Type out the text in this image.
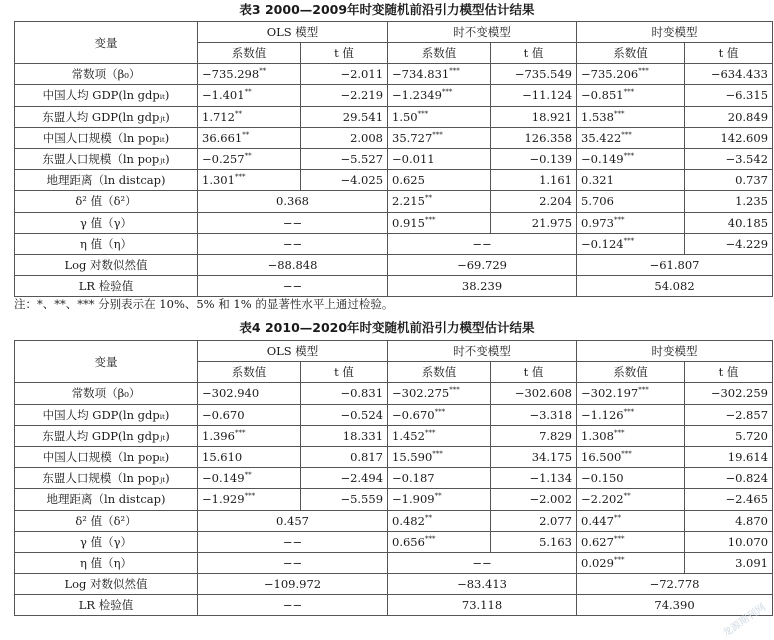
表3 2000—2009年时变随机前沿引力模型估计结果
变量	OLS 模型		时不变模型		时变模型	
	系数值	t 值	系数值	t 值	系数值	t 值
常数项（β₀）	−735.298**	−2.011	−734.831***	−735.549	−735.206***	−634.433
中国人均 GDP(ln gdpᵢₜ)	−1.401**	−2.219	−1.2349***	−11.124	−0.851***	−6.315
东盟人均 GDP(ln gdpⱼₜ)	1.712**	29.541	1.50***	18.921	1.538***	20.849
中国人口规模（ln popᵢₜ)	36.661**	2.008	35.727***	126.358	35.422***	142.609
东盟人口规模（ln popⱼₜ)	−0.257**	−5.527	−0.011	−0.139	−0.149***	−3.542
地理距离（ln distcap)	1.301***	−4.025	0.625	1.161	0.321	0.737
δ² 值（δ²）	0.368		2.215**	2.204	5.706	1.235
γ 值（γ）	−−		0.915***	21.975	0.973***	40.185
η 值（η）	−−		−−		−0.124***	−4.229
Log 对数似然值	−88.848		−69.729		−61.807	
LR 检验值	−−		38.239		54.082	
注：*、**、*** 分别表示在 10%、5% 和 1% 的显著性水平上通过检验。
表4 2010—2020年时变随机前沿引力模型估计结果
变量	OLS 模型		时不变模型		时变模型	
	系数值	t 值	系数值	t 值	系数值	t 值
常数项（β₀）	−302.940	−0.831	−302.275***	−302.608	−302.197***	−302.259
中国人均 GDP(ln gdpᵢₜ)	−0.670	−0.524	−0.670***	−3.318	−1.126***	−2.857
东盟人均 GDP(ln gdpⱼₜ)	1.396***	18.331	1.452***	7.829	1.308***	5.720
中国人口规模（ln popᵢₜ)	15.610	0.817	15.590***	34.175	16.500***	19.614
东盟人口规模（ln popⱼₜ)	−0.149**	−2.494	−0.187	−1.134	−0.150	−0.824
地理距离（ln distcap)	−1.929***	−5.559	−1.909**	−2.002	−2.202**	−2.465
δ² 值（δ²）	0.457		0.482**	2.077	0.447**	4.870
γ 值（γ）	−−		0.656***	5.163	0.627***	10.070
η 值（η）	−−		−−		0.029***	3.091
Log 对数似然值	−109.972		−83.413		−72.778	
LR 检验值	−−		73.118		74.390		龙源期刊网
